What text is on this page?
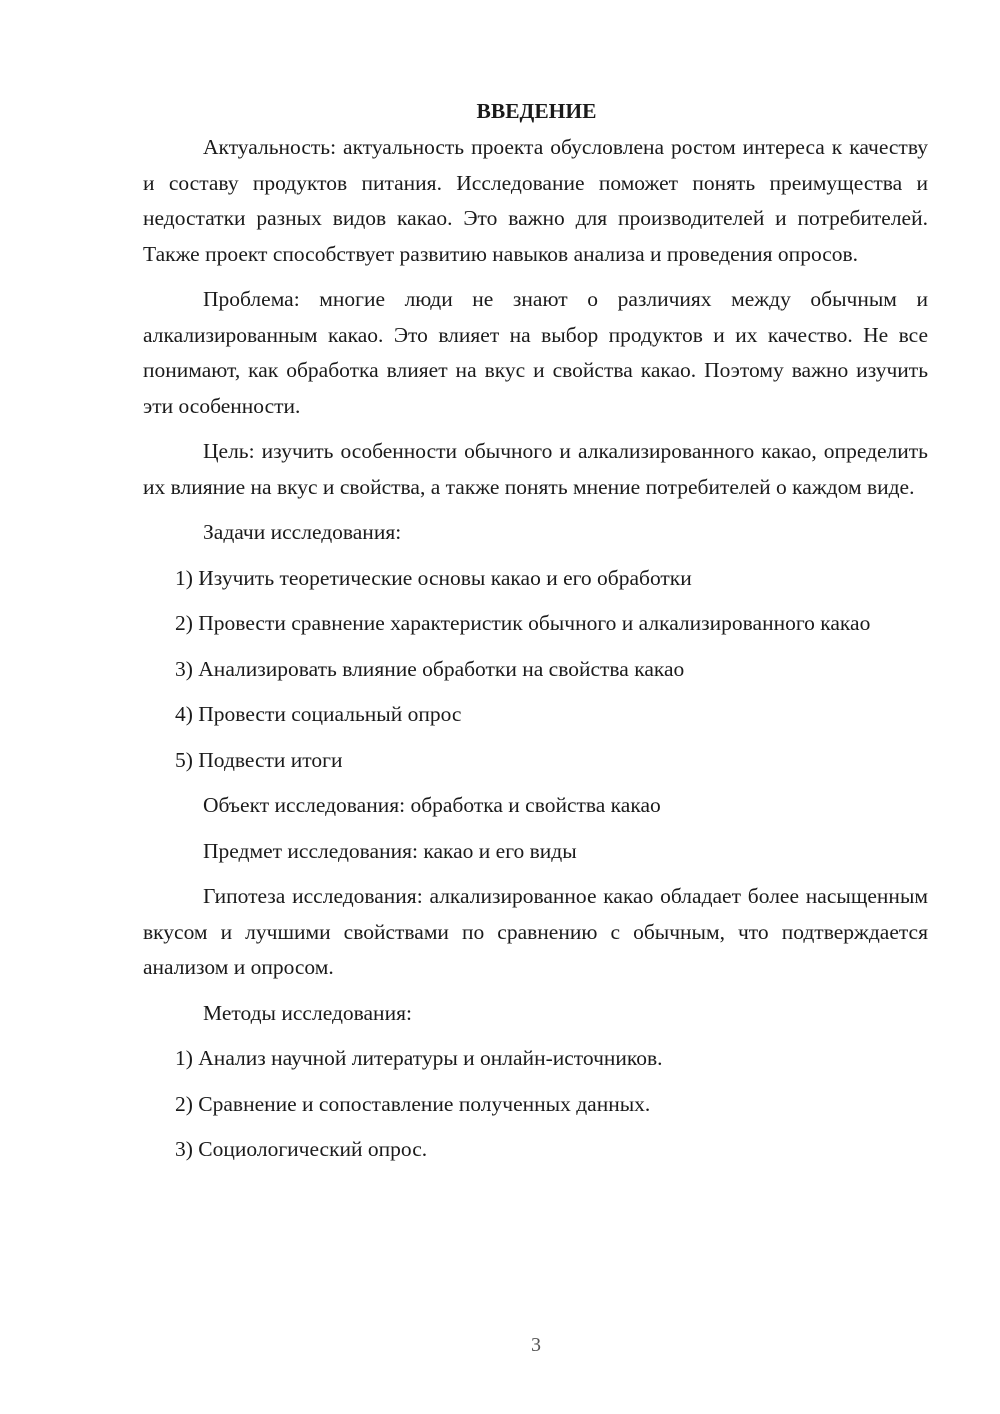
ВВЕДЕНИЕ

Актуальность: актуальность проекта обусловлена ростом интереса к качеству и составу продуктов питания. Исследование поможет понять преимущества и недостатки разных видов какао. Это важно для производителей и потребителей. Также проект способствует развитию навыков анализа и проведения опросов.

Проблема: многие люди не знают о различиях между обычным и алкализированным какао. Это влияет на выбор продуктов и их качество. Не все понимают, как обработка влияет на вкус и свойства какао. Поэтому важно изучить эти особенности.

Цель: изучить особенности обычного и алкализированного какао, определить их влияние на вкус и свойства, а также понять мнение потребителей о каждом виде.

Задачи исследования:

1) Изучить теоретические основы какао и его обработки

2) Провести сравнение характеристик обычного и алкализированного какао

3) Анализировать влияние обработки на свойства какао

4) Провести социальный опрос

5) Подвести итоги

Объект исследования: обработка и свойства какао

Предмет исследования: какао и его виды

Гипотеза исследования: алкализированное какао обладает более насыщенным вкусом и лучшими свойствами по сравнению с обычным, что подтверждается анализом и опросом.

Методы исследования:

1) Анализ научной литературы и онлайн-источников.

2) Сравнение и сопоставление полученных данных.

3) Социологический опрос.

3
